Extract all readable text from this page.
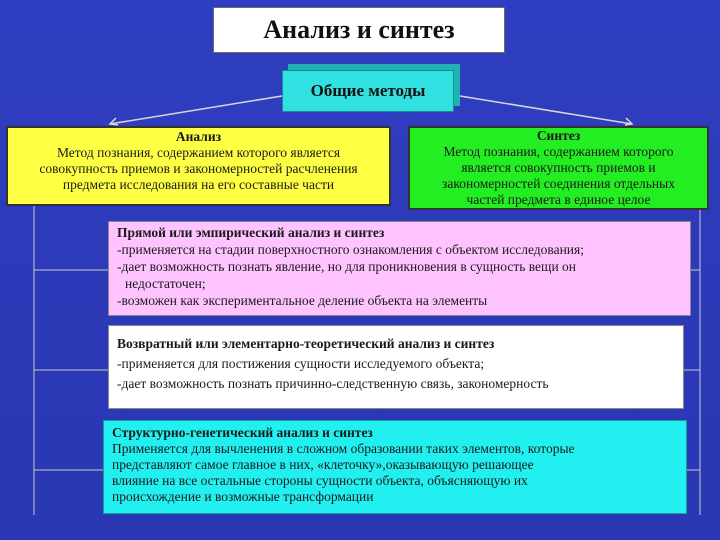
Анализ и синтез
Общие методы
Анализ
Метод познания, содержанием которого является
совокупность приемов и закономерностей расчленения
предмета исследования на его составные части
Синтез
Метод познания, содержанием которого
является совокупность приемов и
закономерностей соединения отдельных
частей предмета в единое целое
Прямой или эмпирический анализ и синтез
-применяется на стадии поверхностного ознакомления с объектом исследования;
-дает возможность познать явление, но для проникновения в сущность вещи он
недостаточен;
-возможен как экспериментальное деление объекта на элементы
Возвратный или элементарно-теоретический анализ и синтез
-применяется для постижения сущности исследуемого объекта;
-дает возможность познать причинно-следственную связь, закономерность
Структурно-генетический анализ и синтез
Применяется для вычленения в сложном образовании таких элементов, которые
представляют самое главное в них, «клеточку»,оказывающую решающее
влияние на все остальные стороны сущности объекта, объясняющую их
происхождение и возможные трансформации
